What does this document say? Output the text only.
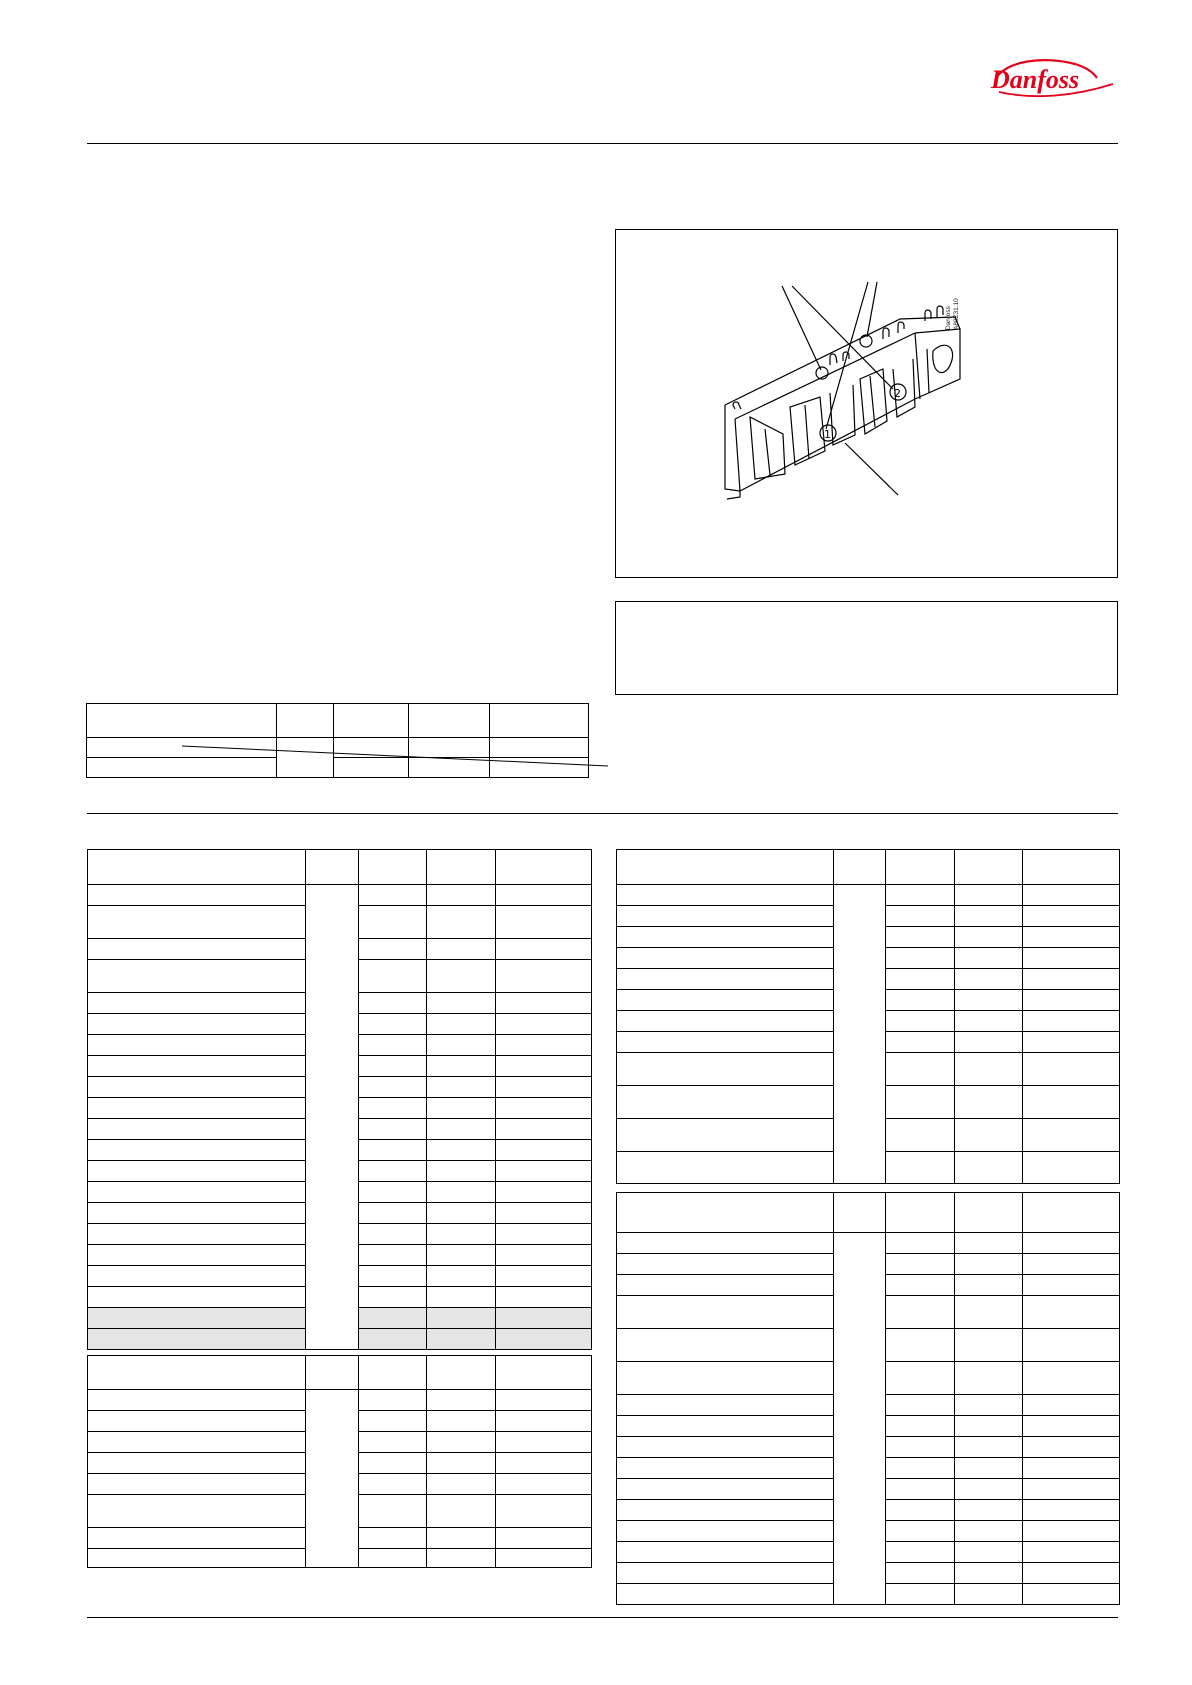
Danfoss
1
2
Danfoss A80Z31.10
